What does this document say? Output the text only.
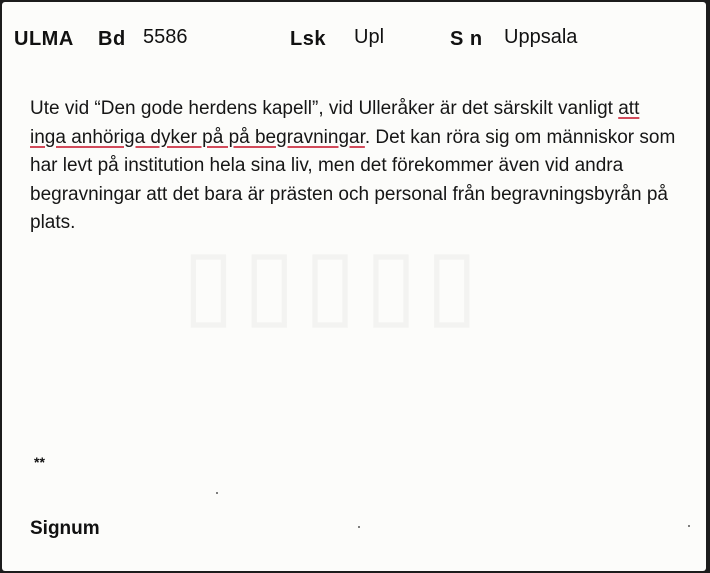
ULMA Bd 5586	Lsk Upl	S n Uppsala
Ute vid “Den gode herdens kapell”, vid Ulleråker är det särskilt vanligt att inga anhöriga dyker på på begravningar. Det kan röra sig om människor som har levt på institution hela sina liv, men det förekommer även vid andra begravningar att det bara är prästen och personal från begravningsbyrån på plats.
**
Signum
